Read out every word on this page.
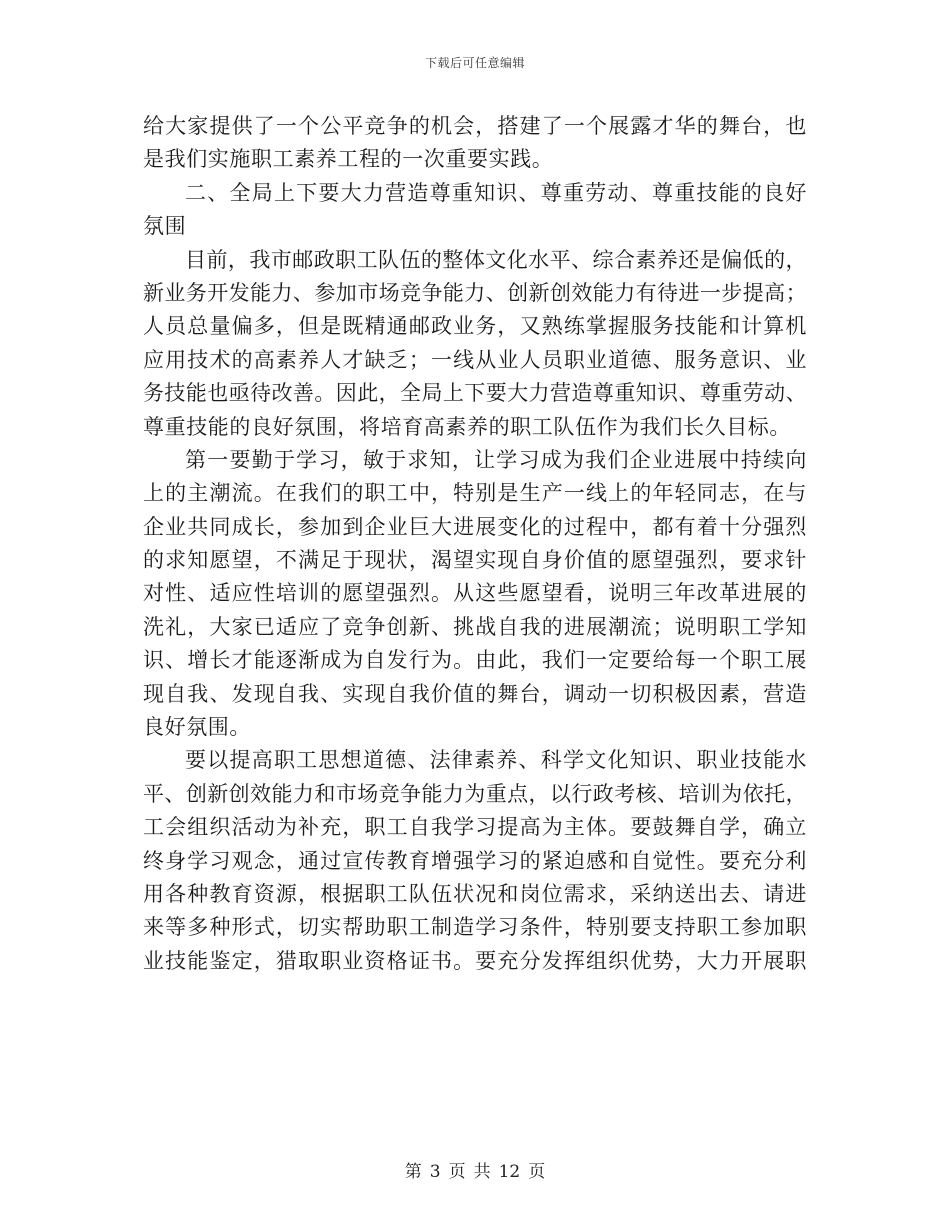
下载后可任意编辑
给大家提供了一个公平竞争的机会，搭建了一个展露才华的舞台，也
是我们实施职工素养工程的一次重要实践。
二、全局上下要大力营造尊重知识、尊重劳动、尊重技能的良好
氛围
目前，我市邮政职工队伍的整体文化水平、综合素养还是偏低的，
新业务开发能力、参加市场竞争能力、创新创效能力有待进一步提高；
人员总量偏多，但是既精通邮政业务，又熟练掌握服务技能和计算机
应用技术的高素养人才缺乏；一线从业人员职业道德、服务意识、业
务技能也亟待改善。因此，全局上下要大力营造尊重知识、尊重劳动、
尊重技能的良好氛围，将培育高素养的职工队伍作为我们长久目标。
第一要勤于学习，敏于求知，让学习成为我们企业进展中持续向
上的主潮流。在我们的职工中，特别是生产一线上的年轻同志，在与
企业共同成长，参加到企业巨大进展变化的过程中，都有着十分强烈
的求知愿望，不满足于现状，渴望实现自身价值的愿望强烈，要求针
对性、适应性培训的愿望强烈。从这些愿望看，说明三年改革进展的
洗礼，大家已适应了竞争创新、挑战自我的进展潮流；说明职工学知
识、增长才能逐渐成为自发行为。由此，我们一定要给每一个职工展
现自我、发现自我、实现自我价值的舞台，调动一切积极因素，营造
良好氛围。
要以提高职工思想道德、法律素养、科学文化知识、职业技能水
平、创新创效能力和市场竞争能力为重点，以行政考核、培训为依托，
工会组织活动为补充，职工自我学习提高为主体。要鼓舞自学，确立
终身学习观念，通过宣传教育增强学习的紧迫感和自觉性。要充分利
用各种教育资源，根据职工队伍状况和岗位需求，采纳送出去、请进
来等多种形式，切实帮助职工制造学习条件，特别要支持职工参加职
业技能鉴定，猎取职业资格证书。要充分发挥组织优势，大力开展职
第 3 页 共 12 页
